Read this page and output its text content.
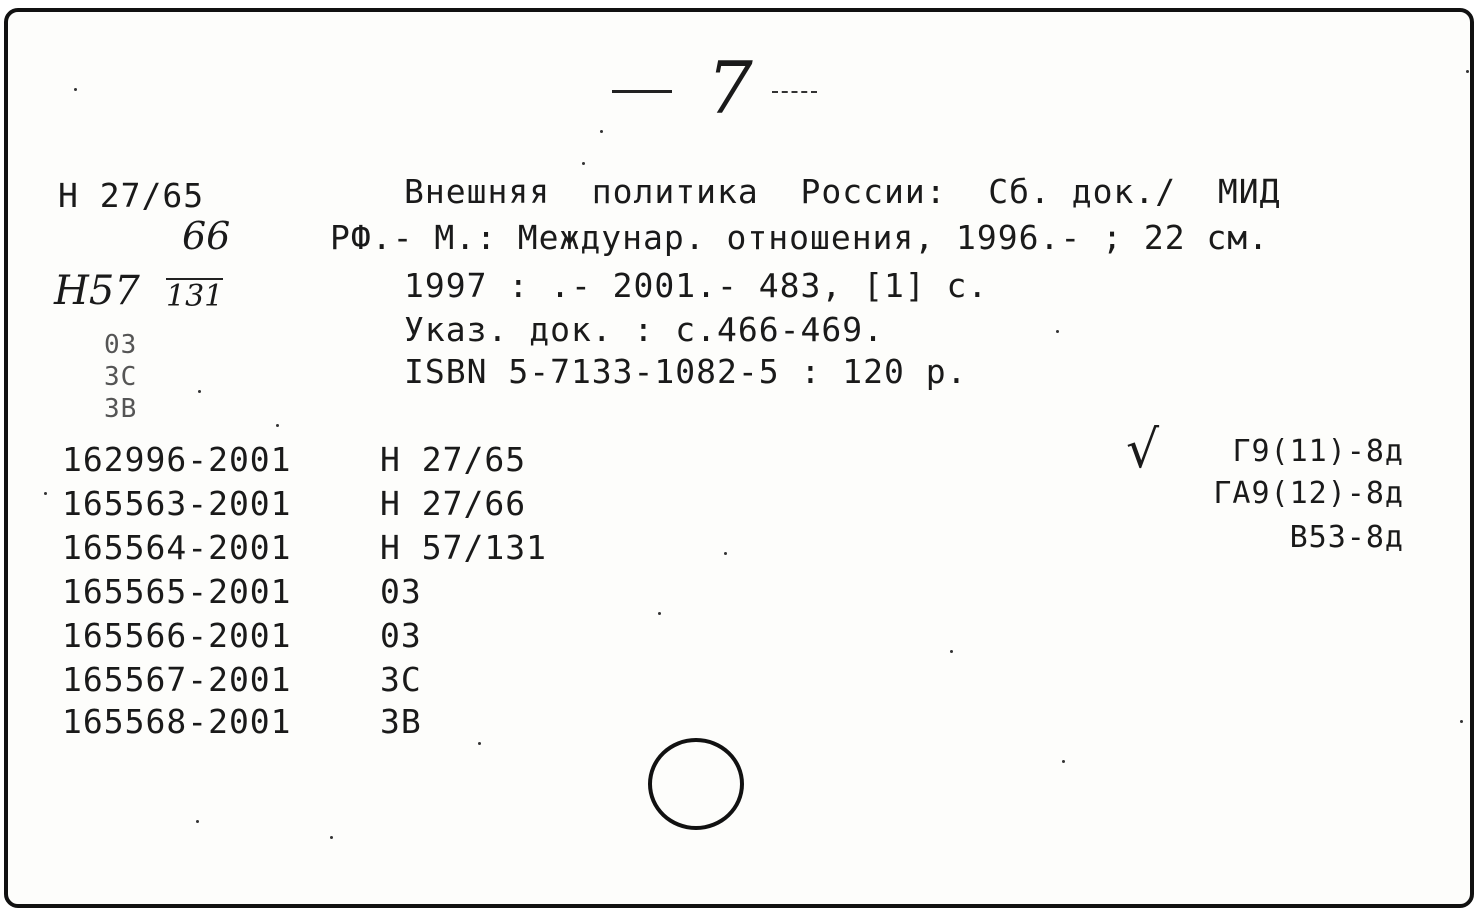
7
H 27/65
66
H57 131
03
3C
3B
Внешняя  политика  России:  Сб. док./  МИД
РФ.- М.: Междунар. отношения, 1996.- ; 22 см.
1997 : .- 2001.- 483, [1] с.
Указ. док. : с.466-469.
ISBN 5-7133-1082-5 : 120 р.
162996-2001	H 27/65
165563-2001	H 27/66
165564-2001	H 57/131
165565-2001	03
165566-2001	03
165567-2001	3C
165568-2001	3B
√ Г9(11)-8д
ГА9(12)-8д
В53-8д
